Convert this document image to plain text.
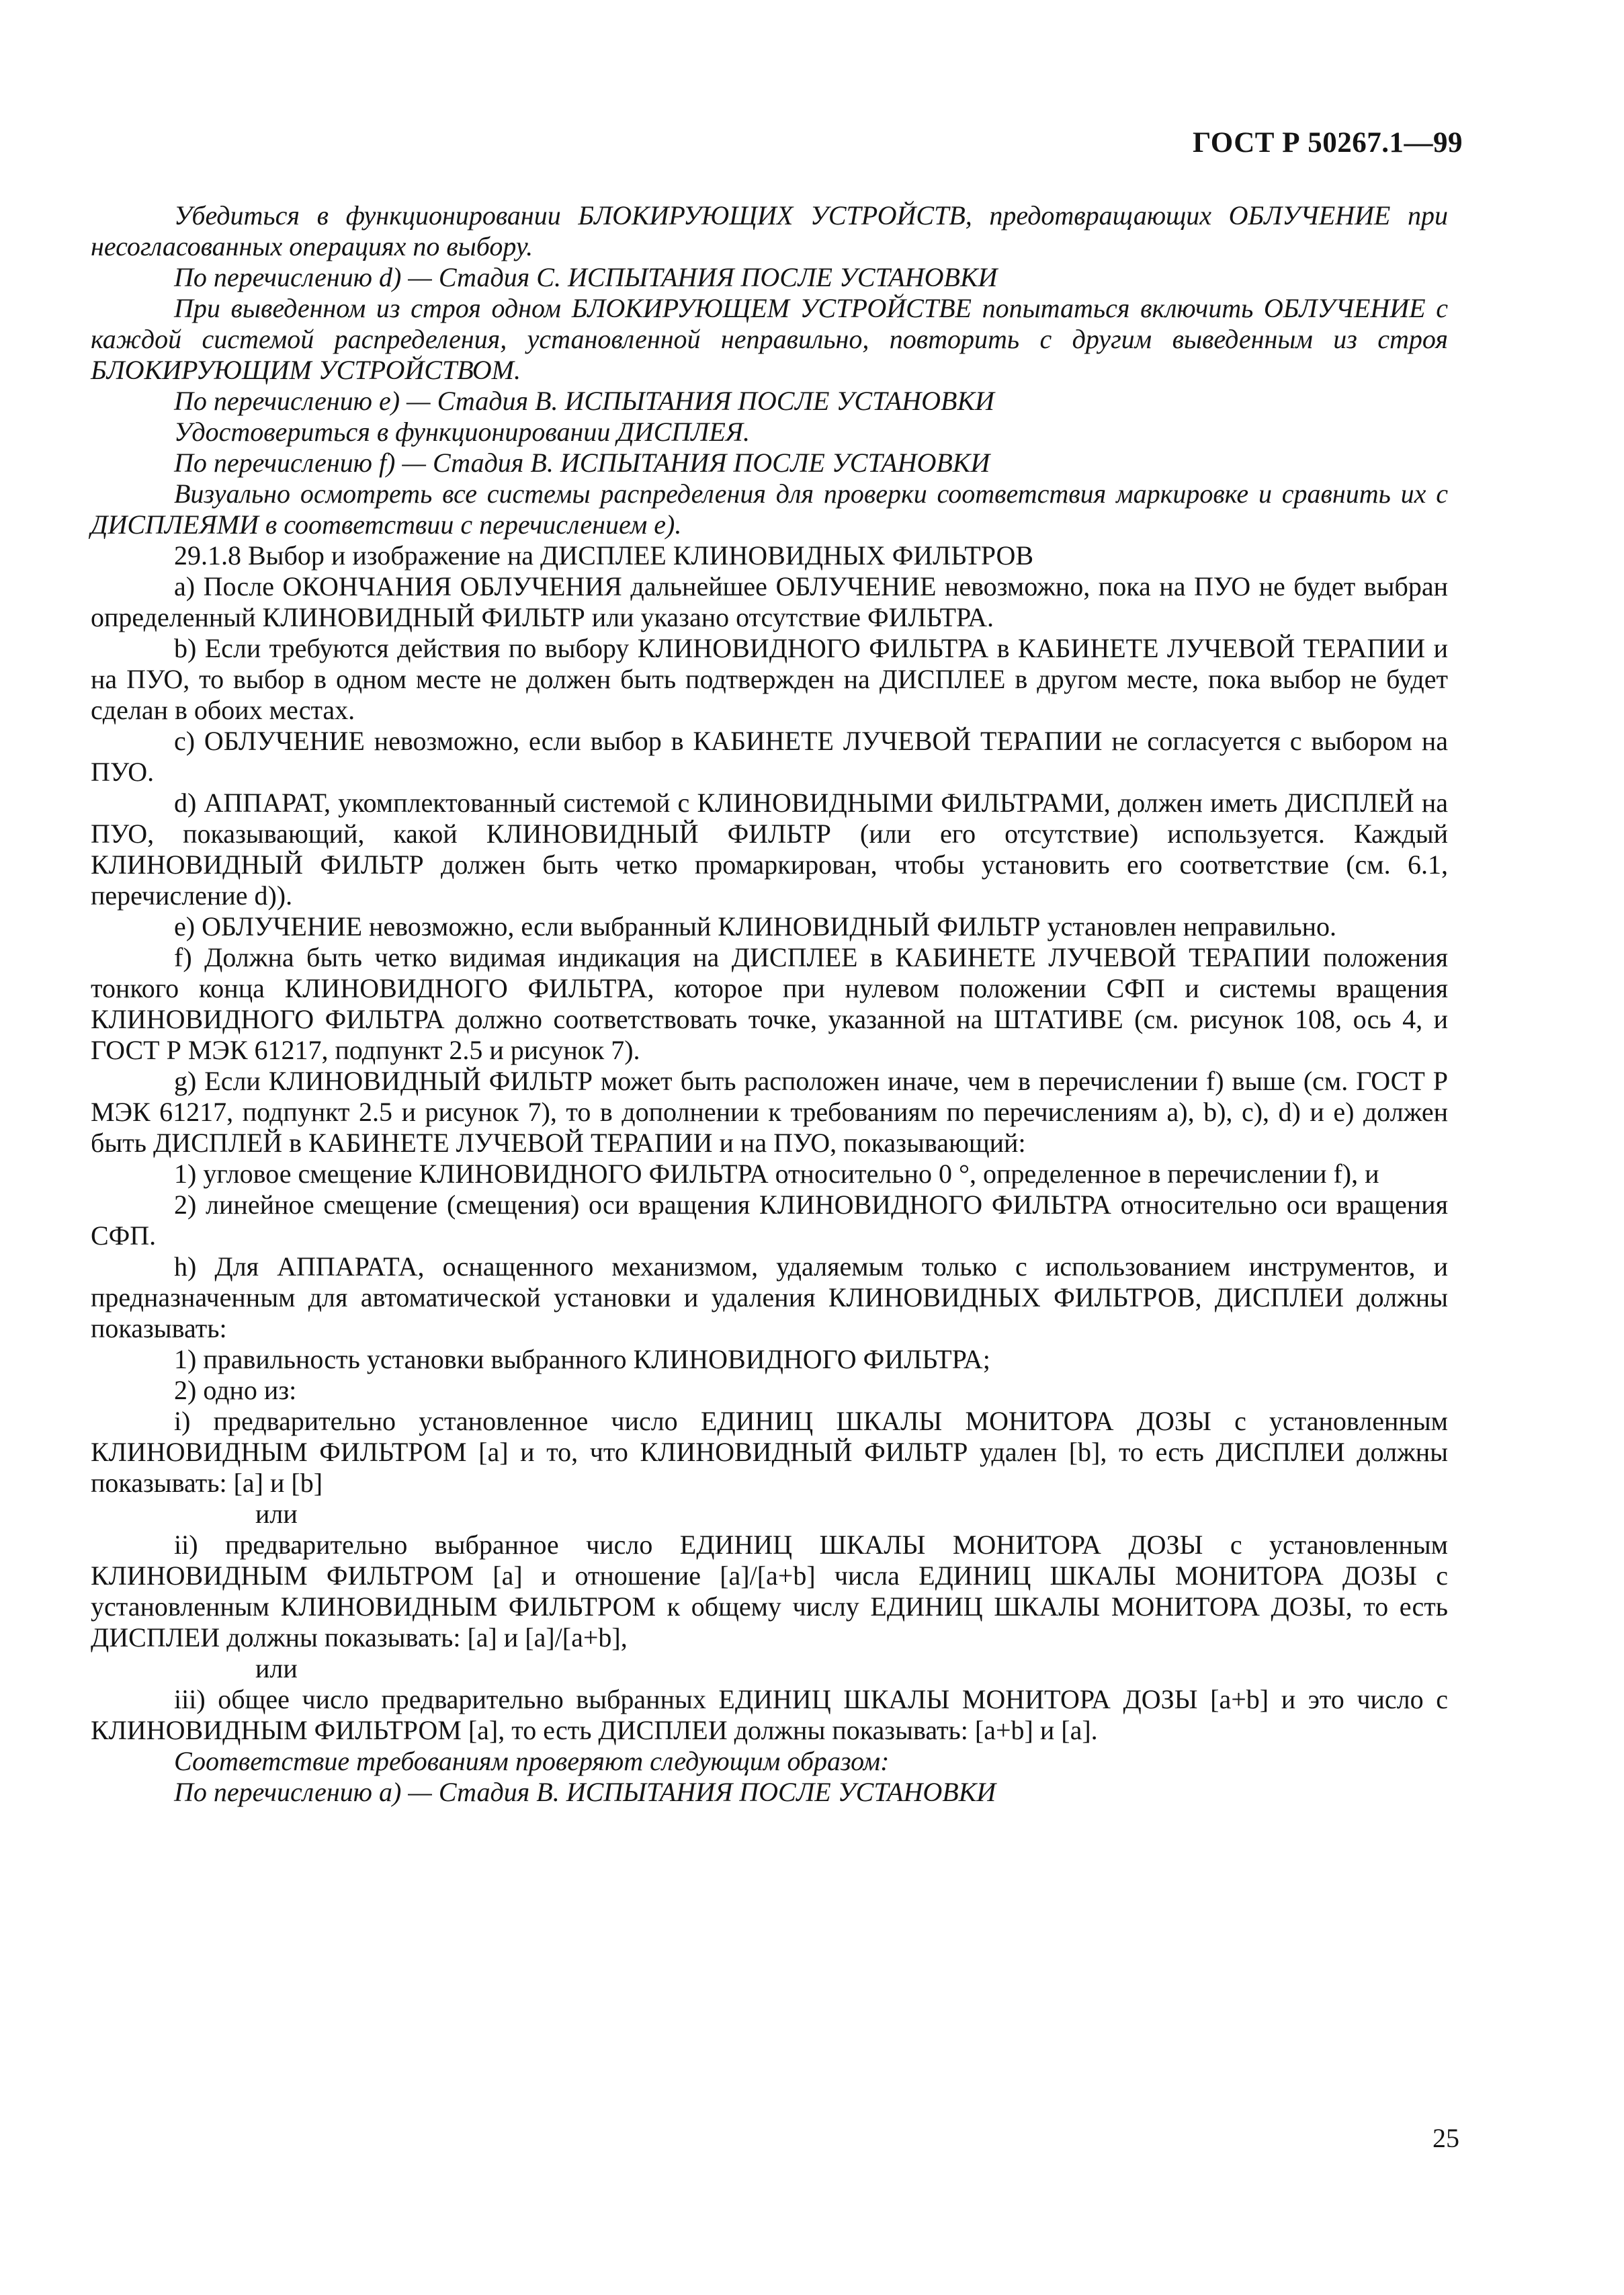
ГОСТ Р 50267.1—99

Убедиться в функционировании БЛОКИРУЮЩИХ УСТРОЙСТВ, предотвращающих ОБЛУЧЕНИЕ при несогласованных операциях по выбору.

По перечислению d) — Стадия С. ИСПЫТАНИЯ ПОСЛЕ УСТАНОВКИ

При выведенном из строя одном БЛОКИРУЮЩЕМ УСТРОЙСТВЕ попытаться включить ОБЛУЧЕНИЕ с каждой системой распределения, установленной неправильно, повторить с другим выведенным из строя БЛОКИРУЮЩИМ УСТРОЙСТВОМ.

По перечислению е) — Стадия В. ИСПЫТАНИЯ ПОСЛЕ УСТАНОВКИ

Удостовериться в функционировании ДИСПЛЕЯ.

По перечислению f) — Стадия В. ИСПЫТАНИЯ ПОСЛЕ УСТАНОВКИ

Визуально осмотреть все системы распределения для проверки соответствия маркировке и сравнить их с ДИСПЛЕЯМИ в соответствии с перечислением е).

29.1.8 Выбор и изображение на ДИСПЛЕЕ КЛИНОВИДНЫХ ФИЛЬТРОВ

а) После ОКОНЧАНИЯ ОБЛУЧЕНИЯ дальнейшее ОБЛУЧЕНИЕ невозможно, пока на ПУО не будет выбран определенный КЛИНОВИДНЫЙ ФИЛЬТР или указано отсутствие ФИЛЬТРА.

b) Если требуются действия по выбору КЛИНОВИДНОГО ФИЛЬТРА в КАБИНЕТЕ ЛУЧЕВОЙ ТЕРАПИИ и на ПУО, то выбор в одном месте не должен быть подтвержден на ДИСПЛЕЕ в другом месте, пока выбор не будет сделан в обоих местах.

с) ОБЛУЧЕНИЕ невозможно, если выбор в КАБИНЕТЕ ЛУЧЕВОЙ ТЕРАПИИ не согласуется с выбором на ПУО.

d) АППАРАТ, укомплектованный системой с КЛИНОВИДНЫМИ ФИЛЬТРАМИ, должен иметь ДИСПЛЕЙ на ПУО, показывающий, какой КЛИНОВИДНЫЙ ФИЛЬТР (или его отсутствие) используется. Каждый КЛИНОВИДНЫЙ ФИЛЬТР должен быть четко промаркирован, чтобы установить его соответствие (см. 6.1, перечисление d)).

е) ОБЛУЧЕНИЕ невозможно, если выбранный КЛИНОВИДНЫЙ ФИЛЬТР установлен неправильно.

f) Должна быть четко видимая индикация на ДИСПЛЕЕ в КАБИНЕТЕ ЛУЧЕВОЙ ТЕРАПИИ положения тонкого конца КЛИНОВИДНОГО ФИЛЬТРА, которое при нулевом положении СФП и системы вращения КЛИНОВИДНОГО ФИЛЬТРА должно соответствовать точке, указанной на ШТАТИВЕ (см. рисунок 108, ось 4, и ГОСТ Р МЭК 61217, подпункт 2.5 и рисунок 7).

g) Если КЛИНОВИДНЫЙ ФИЛЬТР может быть расположен иначе, чем в перечислении f) выше (см. ГОСТ Р МЭК 61217, подпункт 2.5 и рисунок 7), то в дополнении к требованиям по перечислениям а), b), с), d) и е) должен быть ДИСПЛЕЙ в КАБИНЕТЕ ЛУЧЕВОЙ ТЕРАПИИ и на ПУО, показывающий:

1) угловое смещение КЛИНОВИДНОГО ФИЛЬТРА относительно 0 °, определенное в перечислении f), и

2) линейное смещение (смещения) оси вращения КЛИНОВИДНОГО ФИЛЬТРА относительно оси вращения СФП.

h) Для АППАРАТА, оснащенного механизмом, удаляемым только с использованием инструментов, и предназначенным для автоматической установки и удаления КЛИНОВИДНЫХ ФИЛЬТРОВ, ДИСПЛЕИ должны показывать:

1) правильность установки выбранного КЛИНОВИДНОГО ФИЛЬТРА;

2) одно из:

i) предварительно установленное число ЕДИНИЦ ШКАЛЫ МОНИТОРА ДОЗЫ с установленным КЛИНОВИДНЫМ ФИЛЬТРОМ [а] и то, что КЛИНОВИДНЫЙ ФИЛЬТР удален [b], то есть ДИСПЛЕИ должны показывать: [а] и [b]

или

ii) предварительно выбранное число ЕДИНИЦ ШКАЛЫ МОНИТОРА ДОЗЫ с установленным КЛИНОВИДНЫМ ФИЛЬТРОМ [а] и отношение [а]/[а+b] числа ЕДИНИЦ ШКАЛЫ МОНИТОРА ДОЗЫ с установленным КЛИНОВИДНЫМ ФИЛЬТРОМ к общему числу ЕДИНИЦ ШКАЛЫ МОНИТОРА ДОЗЫ, то есть ДИСПЛЕИ должны показывать: [а] и [а]/[а+b],

или

iii) общее число предварительно выбранных ЕДИНИЦ ШКАЛЫ МОНИТОРА ДОЗЫ [а+b] и это число с КЛИНОВИДНЫМ ФИЛЬТРОМ [а], то есть ДИСПЛЕИ должны показывать: [а+b] и [а].

Соответствие требованиям проверяют следующим образом:

По перечислению а) — Стадия В. ИСПЫТАНИЯ ПОСЛЕ УСТАНОВКИ

25
